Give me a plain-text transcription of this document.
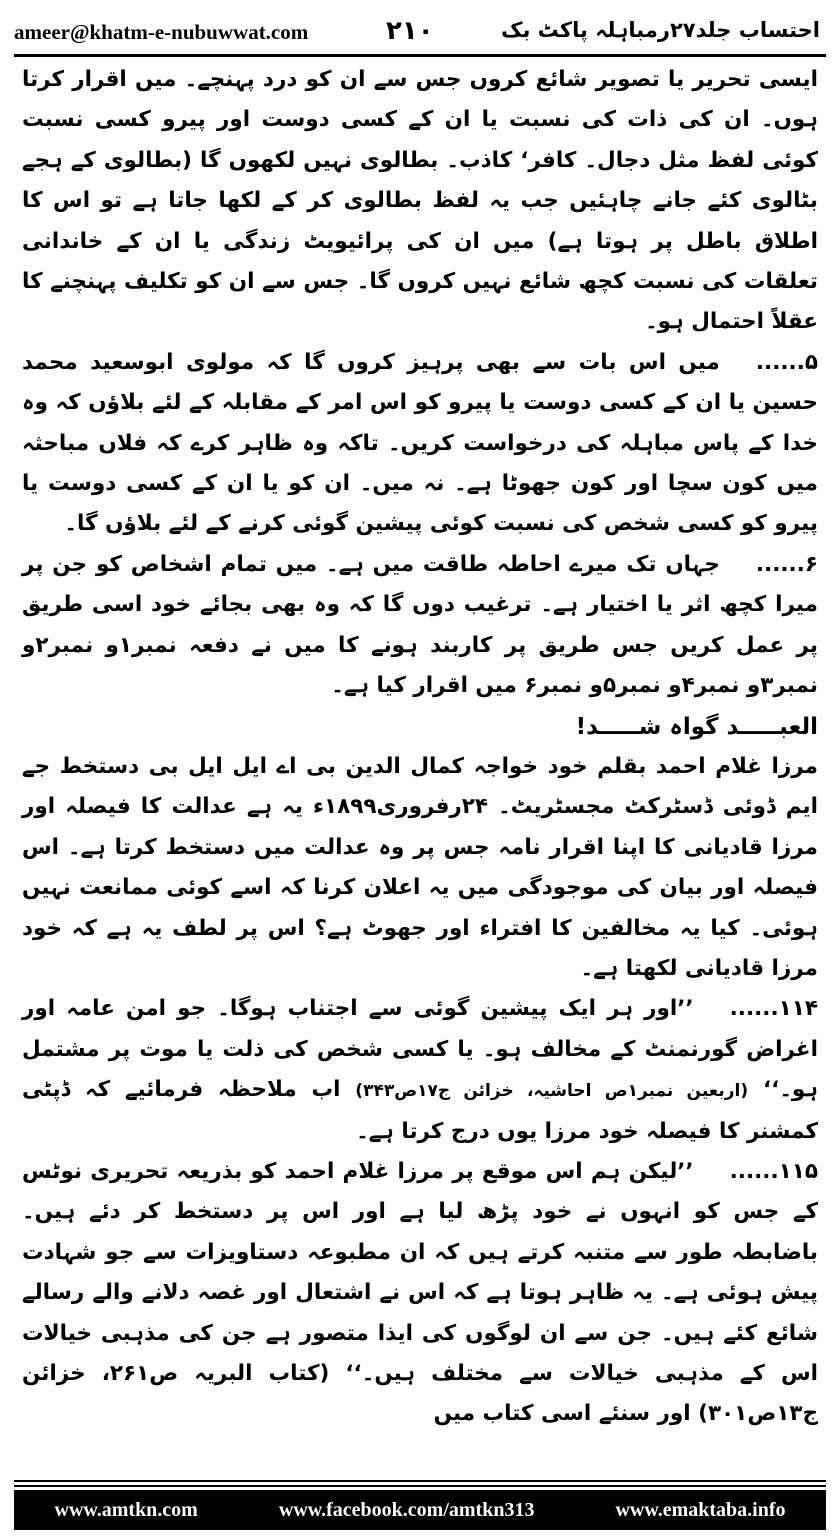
ameer@khatm-e-nubuwwat.com	۲۱۰	احتساب جلد۲۷رمباہلہ پاکٹ بک

ایسی تحریر یا تصویر شائع کروں جس سے ان کو درد پہنچے۔ میں اقرار کرتا ہوں۔ ان کی ذات کی نسبت یا ان کے کسی دوست اور پیرو کسی نسبت کوئی لفظ مثل دجال۔ کافر‘ کاذب۔ بطالوی نہیں لکھوں گا (بطالوی کے ہجے بٹالوی کئے جانے چاہئیں جب یہ لفظ بطالوی کر کے لکھا جاتا ہے تو اس کا اطلاق باطل پر ہوتا ہے) میں ان کی پرائیویٹ زندگی یا ان کے خاندانی تعلقات کی نسبت کچھ شائع نہیں کروں گا۔ جس سے ان کو تکلیف پہنچنے کا عقلاً احتمال ہو۔

۵......میں اس بات سے بھی پرہیز کروں گا کہ مولوی ابوسعید محمد حسین یا ان کے کسی دوست یا پیرو کو اس امر کے مقابلہ کے لئے بلاؤں کہ وہ خدا کے پاس مباہلہ کی درخواست کریں۔ تاکہ وہ ظاہر کرے کہ فلاں مباحثہ میں کون سچا اور کون جھوٹا ہے۔ نہ میں۔ ان کو یا ان کے کسی دوست یا پیرو کو کسی شخص کی نسبت کوئی پیشین گوئی کرنے کے لئے بلاؤں گا۔

۶......جہاں تک میرے احاطہ طاقت میں ہے۔ میں تمام اشخاص کو جن پر میرا کچھ اثر یا اختیار ہے۔ ترغیب دوں گا کہ وہ بھی بجائے خود اسی طریق پر عمل کریں جس طریق پر کاربند ہونے کا میں نے دفعہ نمبر۱و نمبر۲و نمبر۳و نمبر۴و نمبر۵و نمبر۶ میں اقرار کیا ہے۔

العبـــــد گواہ شـــــد!

مرزا غلام احمد بقلم خود خواجہ کمال الدین بی اے ایل ایل بی دستخط جے ایم ڈوئی ڈسٹرکٹ مجسٹریٹ۔ ۲۴رفروری۱۸۹۹ء یہ ہے عدالت کا فیصلہ اور مرزا قادیانی کا اپنا اقرار نامہ جس پر وہ عدالت میں دستخط کرتا ہے۔ اس فیصلہ اور بیان کی موجودگی میں یہ اعلان کرنا کہ اسے کوئی ممانعت نہیں ہوئی۔ کیا یہ مخالفین کا افتراء اور جھوٹ ہے؟ اس پر لطف یہ ہے کہ خود مرزا قادیانی لکھتا ہے۔

۱۱۴......’’اور ہر ایک پیشین گوئی سے اجتناب ہوگا۔ جو امن عامہ اور اغراض گورنمنٹ کے مخالف ہو۔ یا کسی شخص کی ذلت یا موت پر مشتمل ہو۔‘‘ (اربعین نمبر۱ص احاشیہ، خزائن ج۱۷ص۳۴۳) اب ملاحظہ فرمائیے کہ ڈپٹی کمشنر کا فیصلہ خود مرزا یوں درج کرتا ہے۔

۱۱۵......’’لیکن ہم اس موقع پر مرزا غلام احمد کو بذریعہ تحریری نوٹس کے جس کو انہوں نے خود پڑھ لیا ہے اور اس پر دستخط کر دئے ہیں۔ باضابطہ طور سے متنبہ کرتے ہیں کہ ان مطبوعہ دستاویزات سے جو شہادت پیش ہوئی ہے۔ یہ ظاہر ہوتا ہے کہ اس نے اشتعال اور غصہ دلانے والے رسالے شائع کئے ہیں۔ جن سے ان لوگوں کی ایذا متصور ہے جن کی مذہبی خیالات اس کے مذہبی خیالات سے مختلف ہیں۔‘‘ (کتاب البریہ ص۲۶۱، خزائن ج۱۳ص۳۰۱) اور سنئے اسی کتاب میں

www.amtkn.com	www.facebook.com/amtkn313	www.emaktaba.info
